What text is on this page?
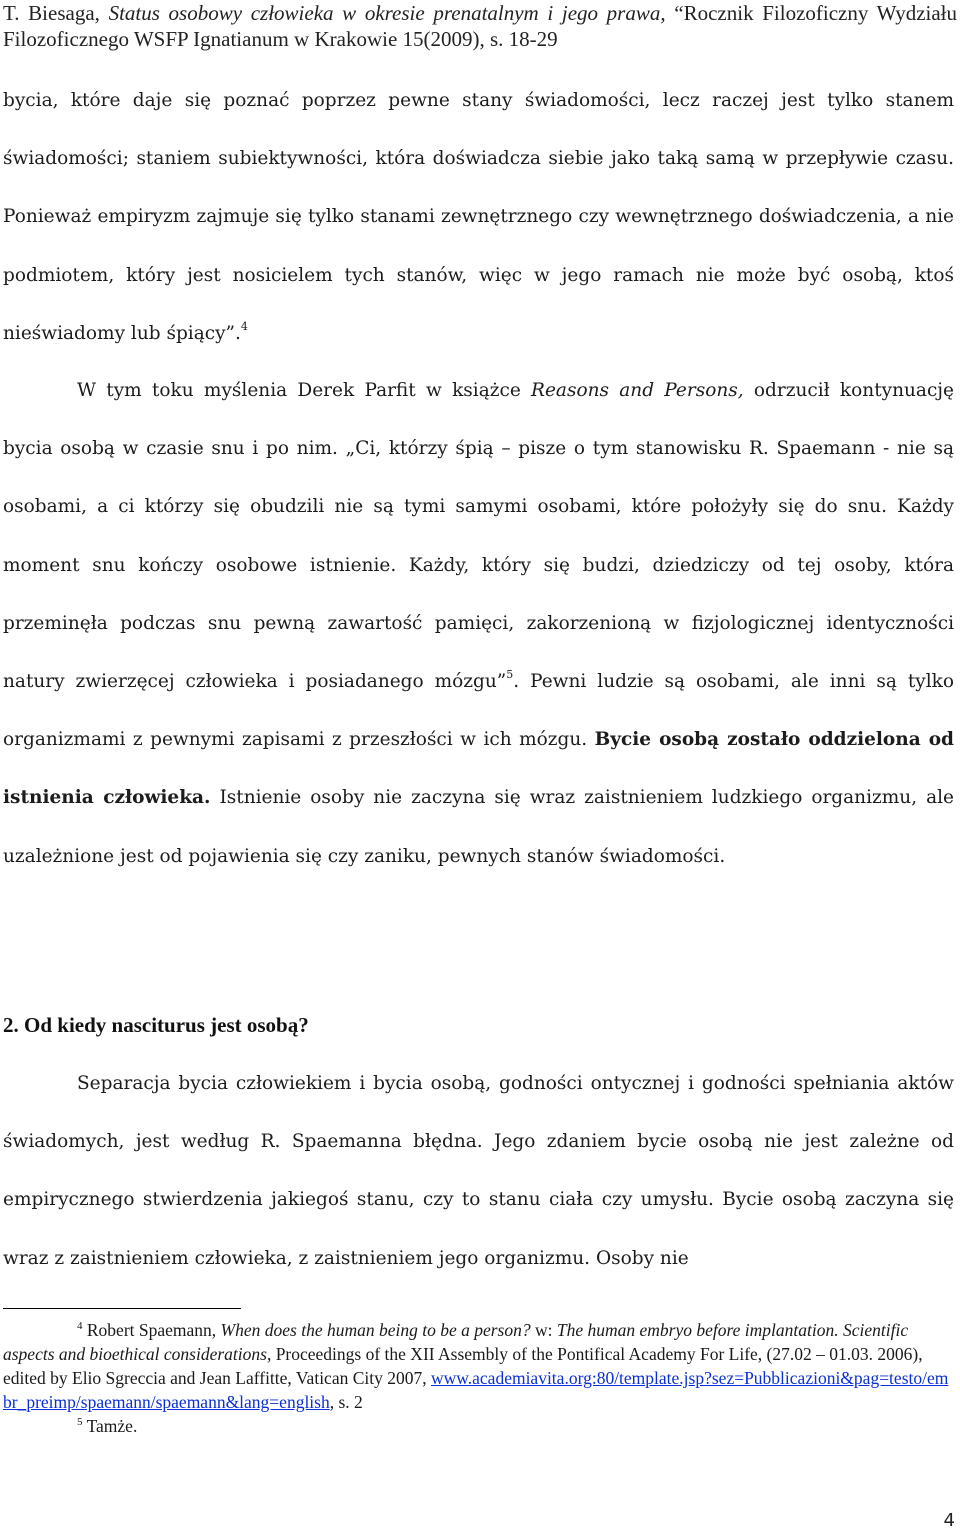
T. Biesaga, Status osobowy człowieka w okresie prenatalnym i jego prawa, “Rocznik Filozoficzny Wydziału Filozoficznego WSFP Ignatianum w Krakowie 15(2009), s. 18-29
bycia, które daje się poznać poprzez pewne stany świadomości, lecz raczej jest tylko stanem świadomości; staniem subiektywności, która doświadcza siebie jako taką samą w przepływie czasu. Ponieważ empiryzm zajmuje się tylko stanami zewnętrznego czy wewnętrznego doświadczenia, a nie podmiotem, który jest nosicielem tych stanów, więc w jego ramach nie może być osobą, ktoś nieświadomy lub śpiący”.$^4$
W tym toku myślenia Derek Parfit w książce Reasons and Persons, odrzucił kontynuację bycia osobą w czasie snu i po nim. „Ci, którzy śpią – pisze o tym stanowisku R. Spaemann - nie są osobami, a ci którzy się obudzili nie są tymi samymi osobami, które położyły się do snu. Każdy moment snu kończy osobowe istnienie. Każdy, który się budzi, dziedziczy od tej osoby, która przeminęła podczas snu pewną zawartość pamięci, zakorzenioną w fizjologicznej identyczności natury zwierzęcej człowieka i posiadanego mózgu”$^5$. Pewni ludzie są osobami, ale inni są tylko organizmami z pewnymi zapisami z przeszłości w ich mózgu. Bycie osobą zostało oddzielona od istnienia człowieka. Istnienie osoby nie zaczyna się wraz zaistnieniem ludzkiego organizmu, ale uzależnione jest od pojawienia się czy zaniku, pewnych stanów świadomości.
2. Od kiedy nasciturus jest osobą?
Separacja bycia człowiekiem i bycia osobą, godności ontycznej i godności spełniania aktów świadomych, jest według R. Spaemanna błędna. Jego zdaniem bycie osobą nie jest zależne od empirycznego stwierdzenia jakiegoś stanu, czy to stanu ciała czy umysłu. Bycie osobą zaczyna się wraz z zaistnieniem człowieka, z zaistnieniem jego organizmu. Osoby nie
$^4$ Robert Spaemann, When does the human being to be a person? w: The human embryo before implantation. Scientific aspects and bioethical considerations, Proceedings of the XII Assembly of the Pontifical Academy For Life, (27.02 – 01.03. 2006), edited by Elio Sgreccia and Jean Laffitte, Vatican City 2007, www.academiavita.org:80/template.jsp?sez=Pubblicazioni&pag=testo/embr_preimp/spaemann/spaemann&lang=english, s. 2
$^5$ Tamże.
4
